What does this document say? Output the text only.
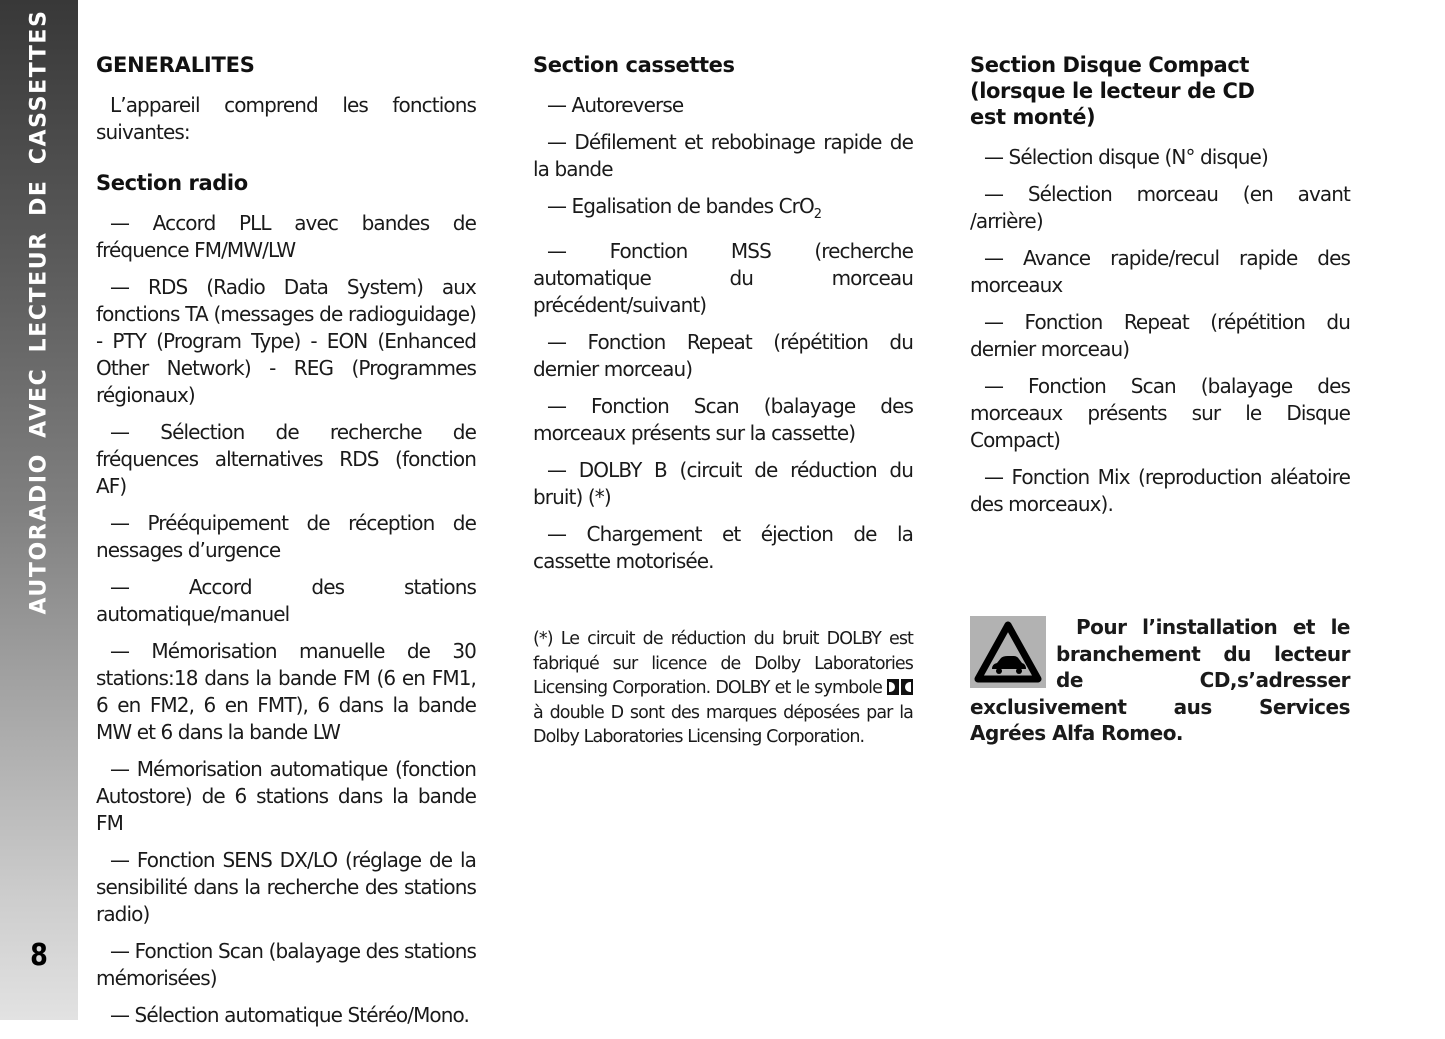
AUTORADIO AVEC LECTEUR DE CASSETTES
8
GENERALITES
L’appareil comprend les fonctions suivantes:
Section radio
— Accord PLL avec bandes de fréquence FM/MW/LW
— RDS (Radio Data System) aux fonctions TA (messages de radioguidage) - PTY (Program Type) - EON (Enhanced Other Network) - REG (Programmes régionaux)
— Sélection de recherche de fréquences alternatives RDS (fonction AF)
— Prééquipement de réception de nessages d’urgence
— Accord des stations automatique/manuel
— Mémorisation manuelle de 30 stations:18 dans la bande FM (6 en FM1, 6 en FM2, 6 en FMT), 6 dans la bande MW et 6 dans la bande LW
— Mémorisation automatique (fonction Autostore) de 6 stations dans la bande FM
— Fonction SENS DX/LO (réglage de la sensibilité dans la recherche des stations radio)
— Fonction Scan (balayage des stations mémorisées)
— Sélection automatique Stéréo/Mono.
Section cassettes
— Autoreverse
— Défilement et rebobinage rapide de la bande
— Egalisation de bandes CrO$_2$
— Fonction MSS (recherche automatique du morceau précédent/suivant)
— Fonction Repeat (répétition du dernier morceau)
— Fonction Scan (balayage des morceaux présents sur la cassette)
— DOLBY B (circuit de réduction du bruit) (*)
— Chargement et éjection de la cassette motorisée.
(*) Le circuit de réduction du bruit DOLBY est fabriqué sur licence de Dolby Laboratories Licensing Corporation. DOLBY et le symbole
à double D sont des marques déposées par la Dolby Laboratories Licensing Corporation.
Section Disque Compact (lorsque le lecteur de CD est monté)
— Sélection disque (N° disque)
— Sélection morceau (en avant /arrière)
— Avance rapide/recul rapide des morceaux
— Fonction Repeat (répétition du dernier morceau)
— Fonction Scan (balayage des morceaux présents sur le Disque Compact)
— Fonction Mix (reproduction aléatoire des morceaux).
Pour l’installation et le branchement du lecteur de CD,s’adresser exclusivement aus Services Agrées Alfa Romeo.
